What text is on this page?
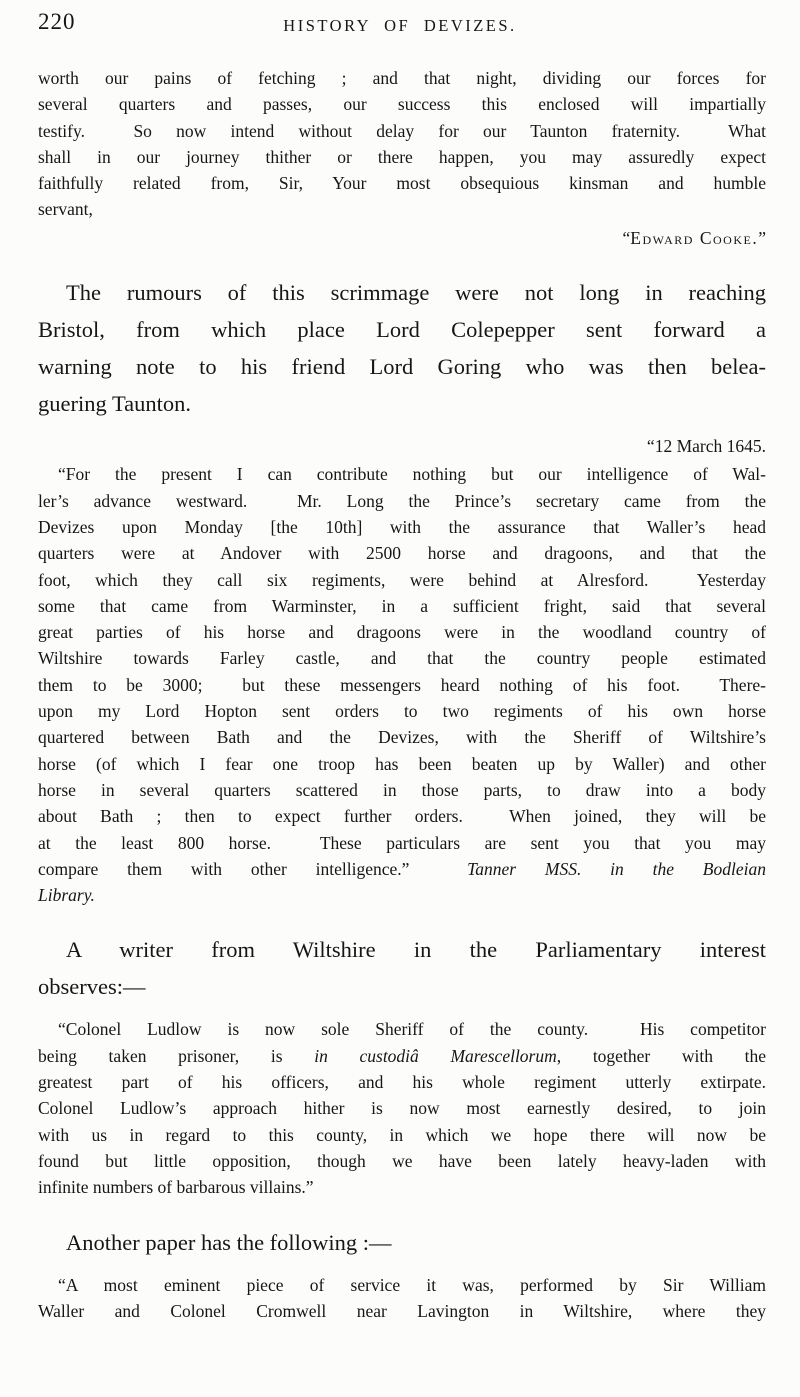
220	HISTORY OF DEVIZES.
worth our pains of fetching ; and that night, dividing our forces for
several quarters and passes, our success this enclosed will impartially
testify.  So now intend without delay for our Taunton fraternity.  What
shall in our journey thither or there happen, you may assuredly expect
faithfully related from, Sir, Your most obsequious kinsman and humble
servant,
“Edward Cooke.”
The rumours of this scrimmage were not long in reaching
Bristol, from which place Lord Colepepper sent forward a
warning note to his friend Lord Goring who was then belea-
guering Taunton.
“12 March 1645.
“For the present I can contribute nothing but our intelligence of Wal-
ler’s advance westward.  Mr. Long the Prince’s secretary came from the
Devizes upon Monday [the 10th] with the assurance that Waller’s head
quarters were at Andover with 2500 horse and dragoons, and that the
foot, which they call six regiments, were behind at Alresford.  Yesterday
some that came from Warminster, in a sufficient fright, said that several
great parties of his horse and dragoons were in the woodland country of
Wiltshire towards Farley castle, and that the country people estimated
them to be 3000;  but these messengers heard nothing of his foot.  There-
upon my Lord Hopton sent orders to two regiments of his own horse
quartered between Bath and the Devizes, with the Sheriff of Wiltshire’s
horse (of which I fear one troop has been beaten up by Waller) and other
horse in several quarters scattered in those parts, to draw into a body
about Bath ; then to expect further orders.  When joined, they will be
at the least 800 horse.  These particulars are sent you that you may
compare them with other intelligence.”  Tanner MSS. in the Bodleian
Library.
A writer from Wiltshire in the Parliamentary interest
observes:—
“Colonel Ludlow is now sole Sheriff of the county.  His competitor
being taken prisoner, is in custodiâ Marescellorum, together with the
greatest part of his officers, and his whole regiment utterly extirpate.
Colonel Ludlow’s approach hither is now most earnestly desired, to join
with us in regard to this county, in which we hope there will now be
found but little opposition, though we have been lately heavy-laden with
infinite numbers of barbarous villains.”
Another paper has the following :—
“A most eminent piece of service it was, performed by Sir William
Waller and Colonel Cromwell near Lavington in Wiltshire, where they
